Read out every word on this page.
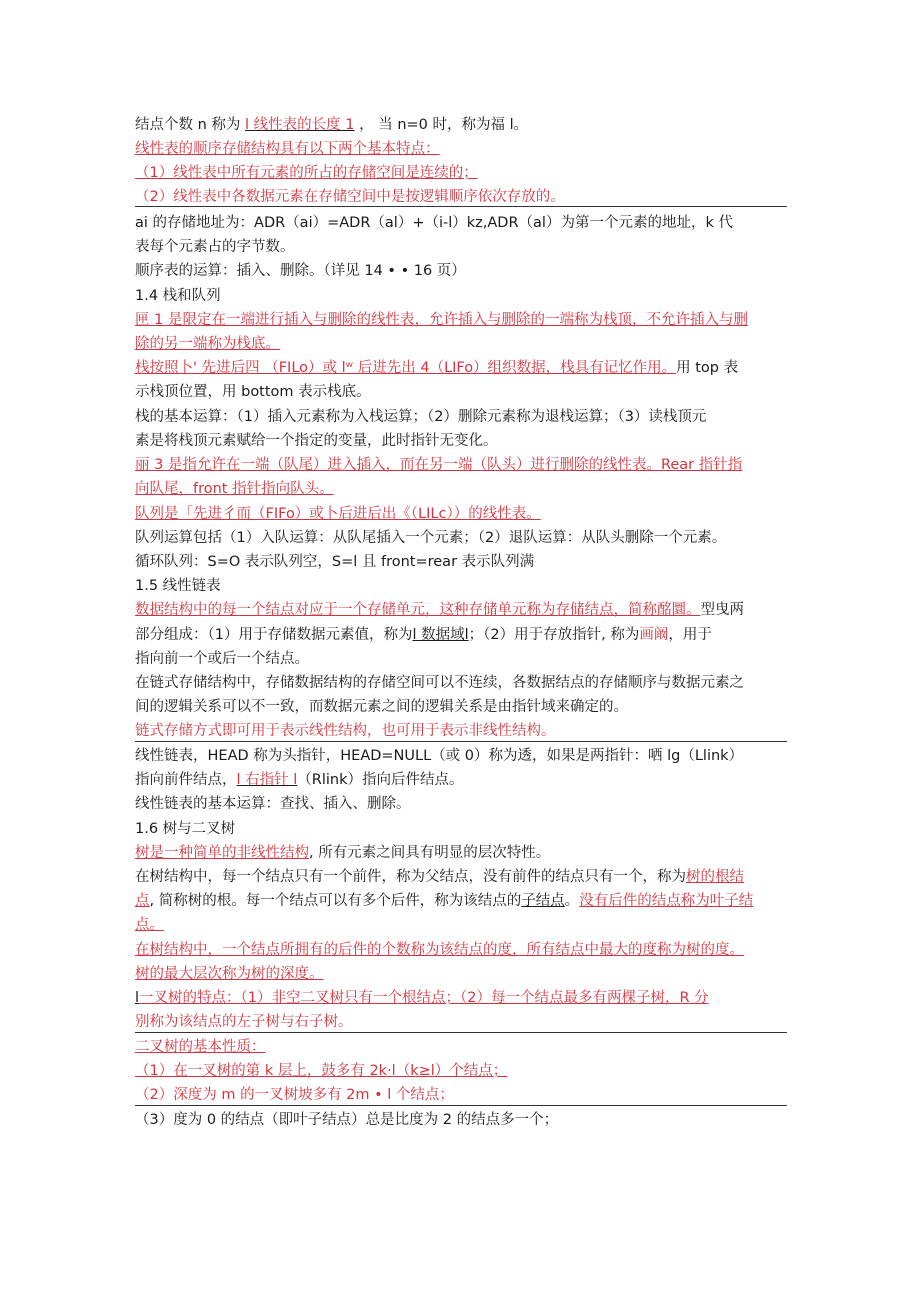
结点个数 n 称为 l 线性表的长度 1 ， 当 n=0 时，称为福 l。
线性表的顺序存储结构具有以下两个基本特点：
（1）线性表中所有元素的所占的存储空间是连续的；
（2）线性表中各数据元素在存储空间中是按逻辑顺序依次存放的。
ai 的存储地址为：ADR（ai）=ADR（al）+（i-l）kz,ADR（al）为第一个元素的地址，k 代
表每个元素占的字节数。
顺序表的运算：插入、删除。（详见 14 • • 16 页）
1.4 栈和队列
匣 1 是限定在一端进行插入与删除的线性表，允许插入与删除的一端称为栈顶，不允许插入与删
除的另一端称为栈底。
栈按照卜' 先进后四 （FILo）或 lʷ 后进先出 4（LIFo）组织数据，栈具有记忆作用。用 top 表
示栈顶位置，用 bottom 表示栈底。
栈的基本运算：（1）插入元素称为入栈运算；（2）删除元素称为退栈运算；（3）读栈顶元
素是将栈顶元素赋给一个指定的变量，此时指针无变化。
丽 3 是指允许在一端（队尾）进入插入，而在另一端（队头）进行删除的线性表。Rear 指针指
向队尾，front 指针指向队头。
队列是「先进彳而（FIFo）或卜后进后出《（LILc））的线性表。
队列运算包括（1）入队运算：从队尾插入一个元素；（2）退队运算：从队头删除一个元素。
循环队列：S=O 表示队列空，S=l 且 front=rear 表示队列满
1.5 线性链表
数据结构中的每一个结点对应于一个存储单元，这种存储单元称为存储结点，简称酩圜。型曳两
部分组成：（1）用于存储数据元素值，称为l 数据域l；（2）用于存放指针, 称为画阚，用于
指向前一个或后一个结点。
在链式存储结构中，存储数据结构的存储空间可以不连续，各数据结点的存储顺序与数据元素之
间的逻辑关系可以不一致，而数据元素之间的逻辑关系是由指针域来确定的。
链式存储方式即可用于表示线性结构，也可用于表示非线性结构。
线性链表，HEAD 称为头指针，HEAD=NULL（或 0）称为透，如果是两指针：哂 lg（Llink）
指向前件结点，l 右指针 l（Rlink）指向后件结点。
线性链表的基本运算：查找、插入、删除。
1.6 树与二叉树
树是一种简单的非线性结构, 所有元素之间具有明显的层次特性。
在树结构中，每一个结点只有一个前件，称为父结点，没有前件的结点只有一个，称为树的根结
点, 简称树的根。每一个结点可以有多个后件，称为该结点的子结点。没有后件的结点称为叶子结
点。
在树结构中，一个结点所拥有的后件的个数称为该结点的度，所有结点中最大的度称为树的度。
树的最大层次称为树的深度。
l一叉树的特点：（1）非空二叉树只有一个根结点；（2）每一个结点最多有两棵子树，R 分
别称为该结点的左子树与右子树。
二叉树的基本性质：
（1）在一叉树的第 k 层上，鼓多有 2k·l（k≥l）个结点；
（2）深度为 m 的一叉树坡多有 2m • l 个结点；
（3）度为 0 的结点（即叶子结点）总是比度为 2 的结点多一个；
